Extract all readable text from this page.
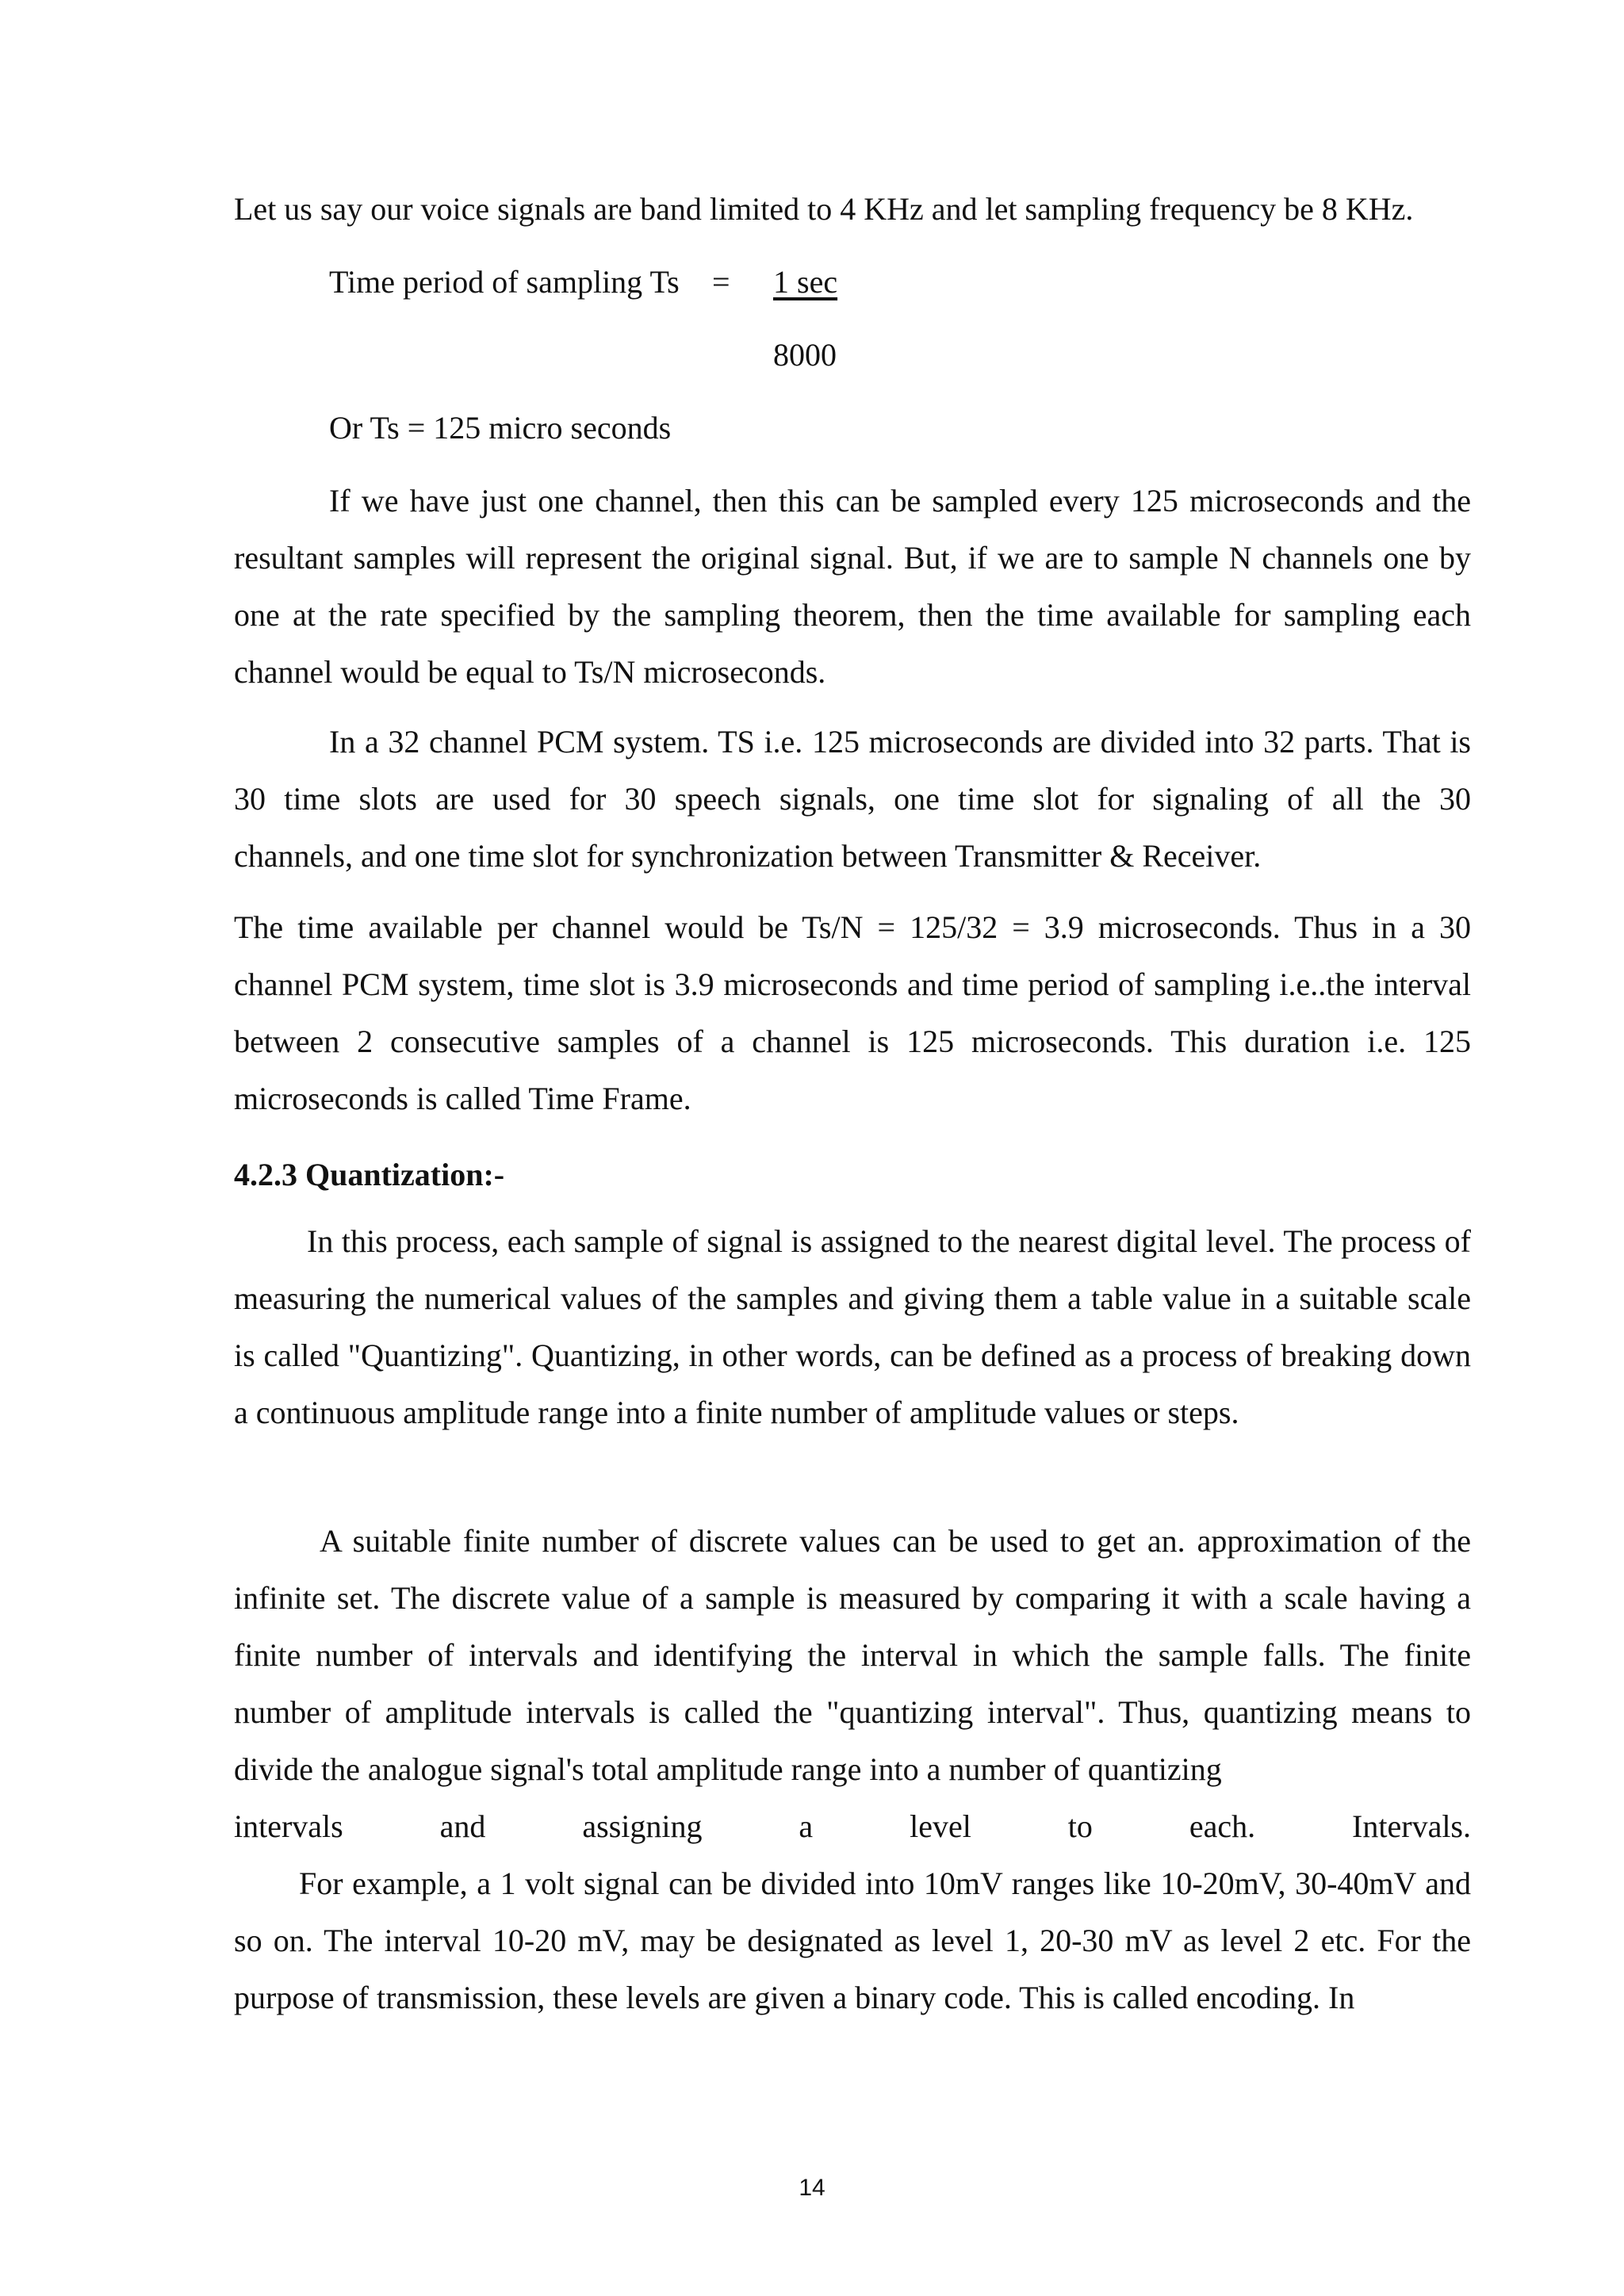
Let us say our voice signals are band limited to 4 KHz and let sampling frequency be 8 KHz.
Time period of sampling Ts = 1 sec
8000
Or Ts = 125 micro seconds
If we have just one channel, then this can be sampled every 125 microseconds and the resultant samples will represent the original signal. But, if we are to sample N channels one by one at the rate specified by the sampling theorem, then the time available for sampling each channel would be equal to Ts/N microseconds.
In a 32 channel PCM system. TS i.e. 125 microseconds are divided into 32 parts. That is
30 time slots are used for 30 speech signals, one time slot for signaling of all the 30
channels, and one time slot for synchronization between Transmitter & Receiver.
The time available per channel would be Ts/N = 125/32 = 3.9 microseconds. Thus in a 30 channel PCM system, time slot is 3.9 microseconds and time period of sampling i.e..the interval between 2 consecutive samples of a channel is 125 microseconds. This duration i.e. 125 microseconds is called Time Frame.
4.2.3 Quantization:-
In this process, each sample of signal is assigned to the nearest digital level. The process of measuring the numerical values of the samples and giving them a table value in a suitable scale is called "Quantizing". Quantizing, in other words, can be defined as a process of breaking down a continuous amplitude range into a finite number of amplitude values or steps.
A suitable finite number of discrete values can be used to get an. approximation of the infinite set. The discrete value of a sample is measured by comparing it with a scale having a finite number of intervals and identifying the interval in which the sample falls. The finite number of amplitude intervals is called the "quantizing interval". Thus, quantizing means to divide the analogue signal's total amplitude range into a number of quantizing
intervals and assigning a level to each. Intervals.
For example, a 1 volt signal can be divided into 10mV ranges like 10-20mV, 30-40mV and so on. The interval 10-20 mV, may be designated as level 1, 20-30 mV as level 2 etc. For the purpose of transmission, these levels are given a binary code. This is called encoding. In
14
